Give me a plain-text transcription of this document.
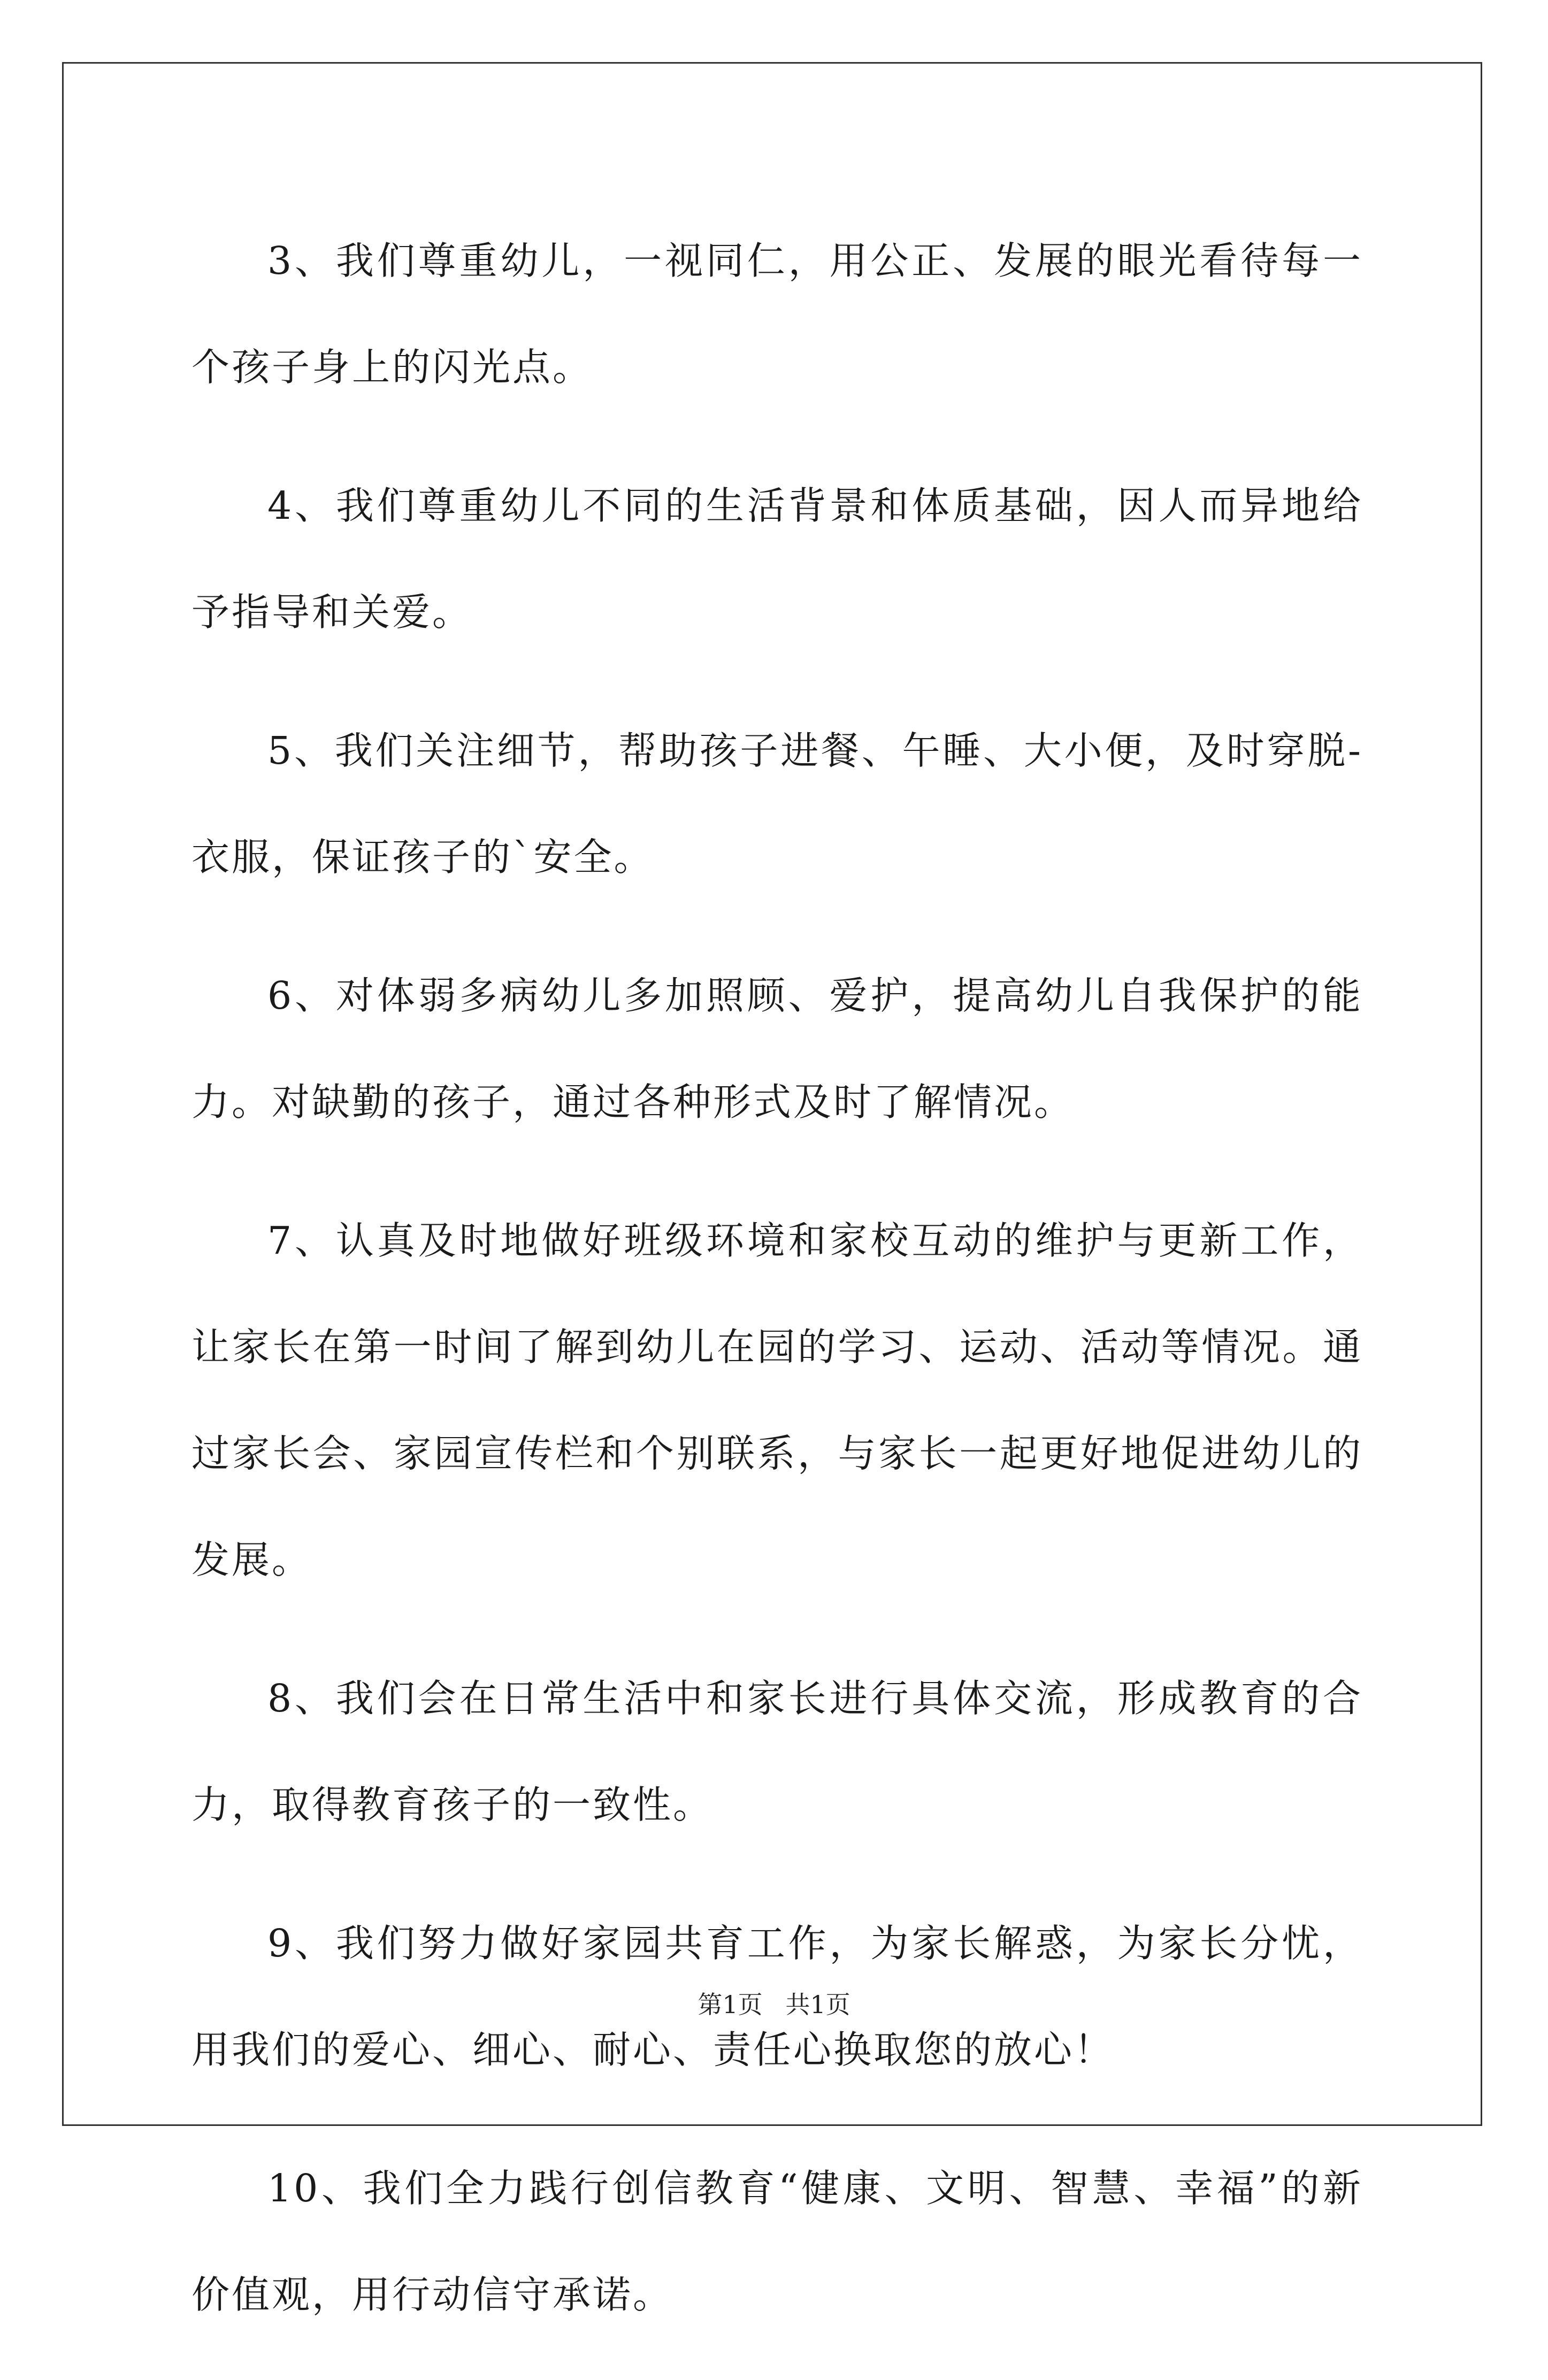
3、我们尊重幼儿，一视同仁，用公正、发展的眼光看待每一个孩子身上的闪光点。

4、我们尊重幼儿不同的生活背景和体质基础，因人而异地给予指导和关爱。

5、我们关注细节，帮助孩子进餐、午睡、大小便，及时穿脱-衣服，保证孩子的`安全。

6、对体弱多病幼儿多加照顾、爱护，提高幼儿自我保护的能力。对缺勤的孩子，通过各种形式及时了解情况。

7、认真及时地做好班级环境和家校互动的维护与更新工作，让家长在第一时间了解到幼儿在园的学习、运动、活动等情况。通过家长会、家园宣传栏和个别联系，与家长一起更好地促进幼儿的发展。

8、我们会在日常生活中和家长进行具体交流，形成教育的合力，取得教育孩子的一致性。

9、我们努力做好家园共育工作，为家长解惑，为家长分忧，用我们的爱心、细心、耐心、责任心换取您的放心！

10、我们全力践行创信教育“健康、文明、智慧、幸福”的新价值观，用行动信守承诺。

第1页 共1页
